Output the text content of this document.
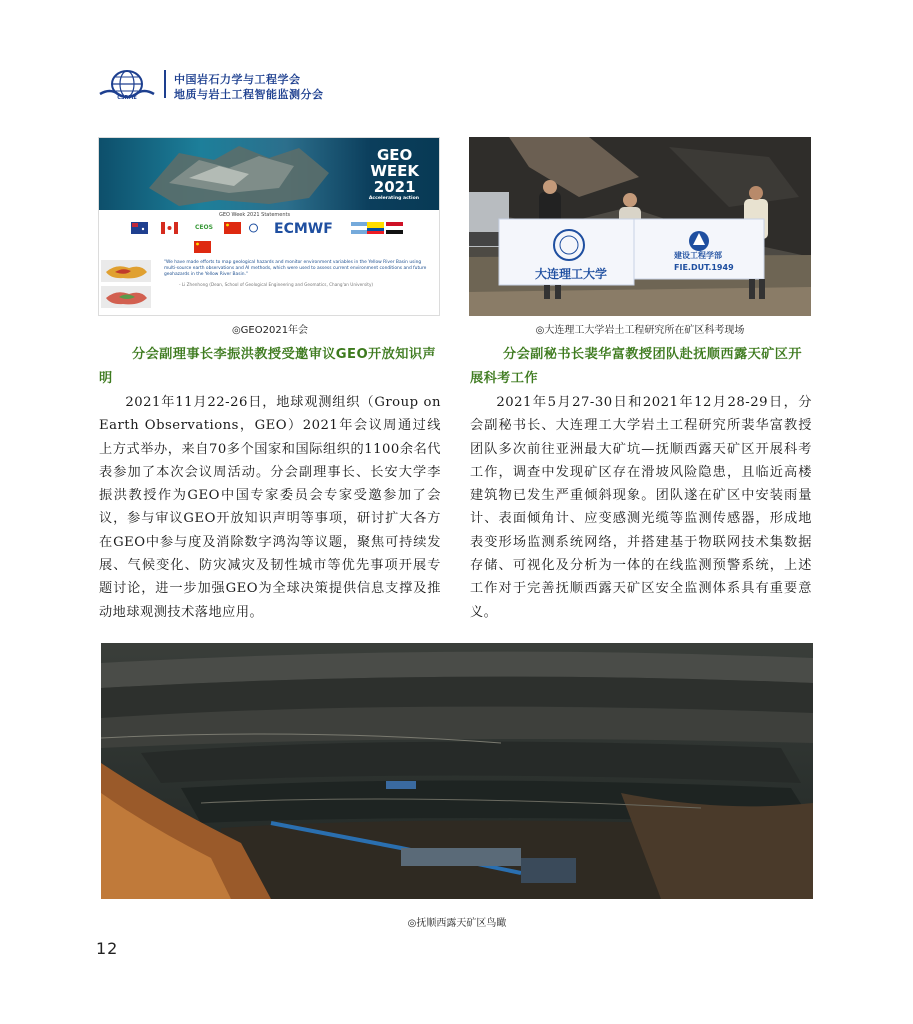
CSRME
中国岩石力学与工程学会
地质与岩土工程智能监测分会
GEO
WEEK
2021
Accelerating action
GEO Week 2021 Statements
CEOS	ECMWF
"We have made efforts to map geological hazards and monitor environment variables in the Yellow River Basin using multi-source earth observations and AI methods, which were used to assess current environment conditions and future geohazards in the Yellow River Basin."
- Li Zhenhong (Dean, School of Geological Engineering and Geomatics, Chang'an University)
◎GEO2021年会
大连理工大学
建设工程学部
FIE.DUT.1949
◎大连理工大学岩土工程研究所在矿区科考现场

分会副理事长李振洪教授受邀审议GEO开放知识声明

2021年11月22-26日，地球观测组织（Group on Earth Observations，GEO）2021年会议周通过线上方式举办，来自70多个国家和国际组织的1100余名代表参加了本次会议周活动。分会副理事长、长安大学李振洪教授作为GEO中国专家委员会专家受邀参加了会议，参与审议GEO开放知识声明等事项，研讨扩大各方在GEO中参与度及消除数字鸿沟等议题，聚焦可持续发展、气候变化、防灾减灾及韧性城市等优先事项开展专题讨论，进一步加强GEO为全球决策提供信息支撑及推动地球观测技术落地应用。

分会副秘书长裴华富教授团队赴抚顺西露天矿区开展科考工作

2021年5月27-30日和2021年12月28-29日，分会副秘书长、大连理工大学岩土工程研究所裴华富教授团队多次前往亚洲最大矿坑—抚顺西露天矿区开展科考工作，调查中发现矿区存在滑坡风险隐患，且临近高楼建筑物已发生严重倾斜现象。团队遂在矿区中安装雨量计、表面倾角计、应变感测光缆等监测传感器，形成地表变形场监测系统网络，并搭建基于物联网技术集数据存储、可视化及分析为一体的在线监测预警系统，上述工作对于完善抚顺西露天矿区安全监测体系具有重要意义。

◎抚顺西露天矿区鸟瞰
12
